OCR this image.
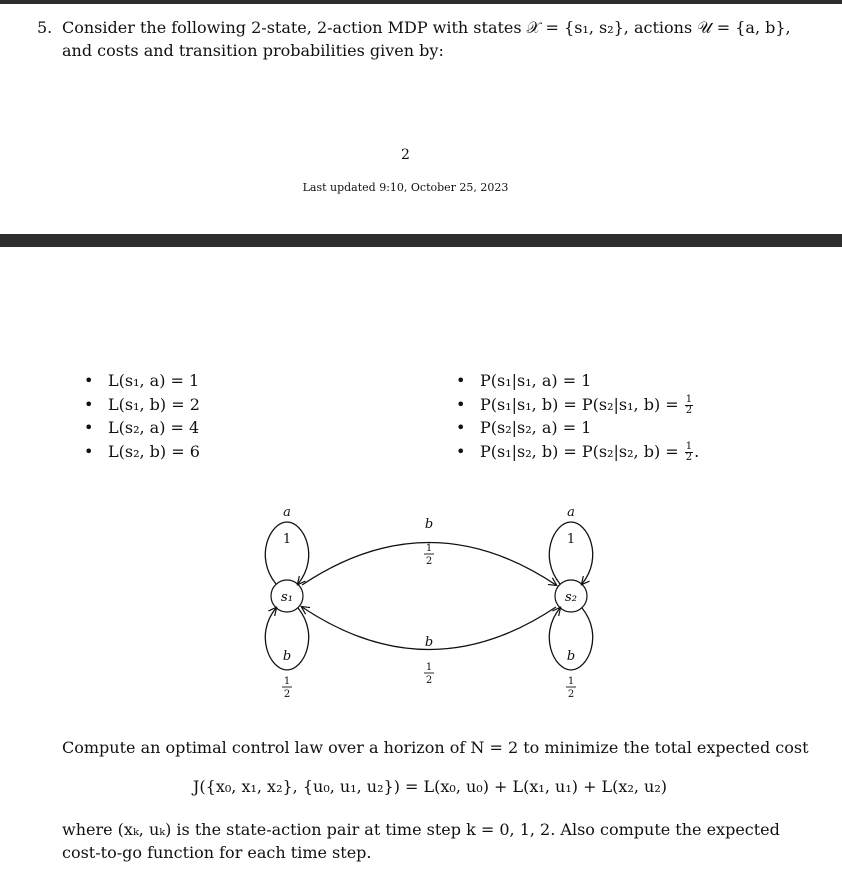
5. Consider the following 2-state, 2-action MDP with states 𝒳 = {s₁, s₂}, actions 𝒰 = {a, b},
and costs and transition probabilities given by:
2
Last updated 9:10, October 25, 2023
• L(s₁, a) = 1
• L(s₁, b) = 2
• L(s₂, a) = 4
• L(s₂, b) = 6
• P(s₁|s₁, a) = 1
• P(s₁|s₁, b) = P(s₂|s₁, $b) = \frac{1}{2}$
• P(s₂|s₂, a) = 1
• P(s₁|s₂, b) = P(s₂|s₂, $b) = \frac{1}{2}$ .
s₁	s₂
a
1
b
a
1
b
b
b
1
2
1
2
1
2
1
2
Compute an optimal control law over a horizon of N = 2 to minimize the total expected cost
J({x₀, x₁, x₂}, {u₀, u₁, u₂}) = L(x₀, u₀) + L(x₁, u₁) + L(x₂, u₂)
where (xₖ, uₖ) is the state-action pair at time step k = 0, 1, 2. Also compute the expected
cost-to-go function for each time step.
